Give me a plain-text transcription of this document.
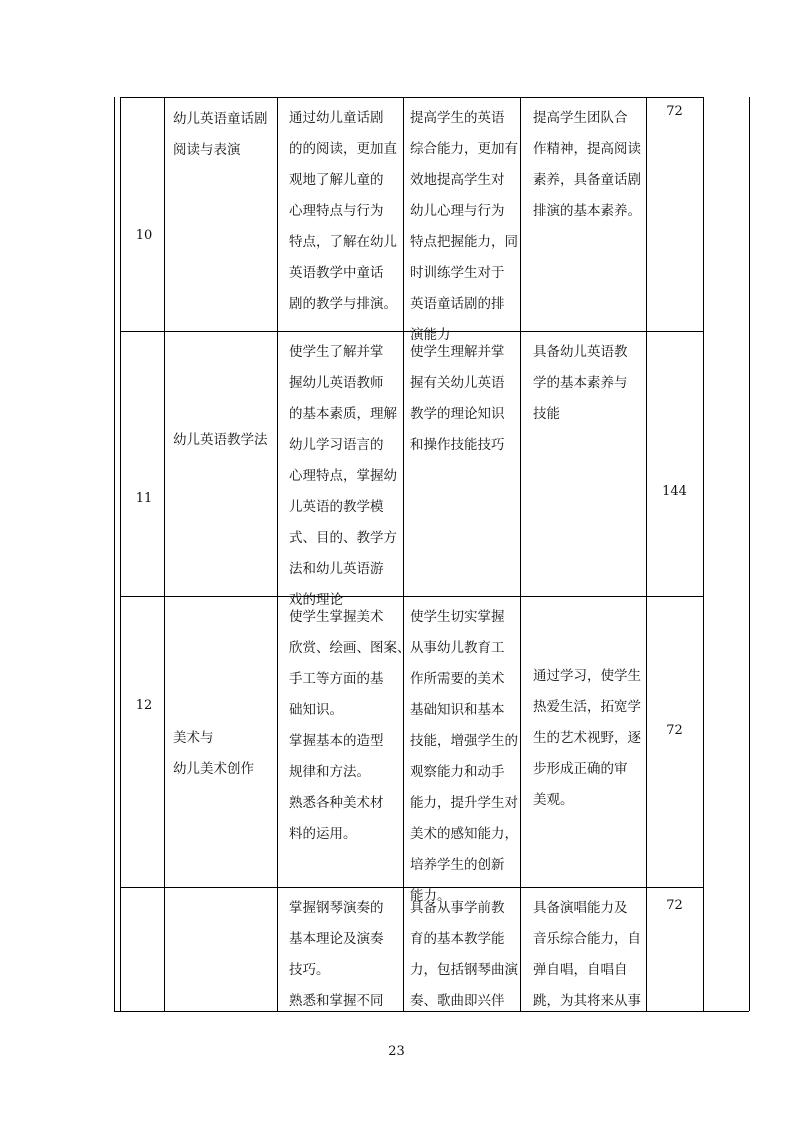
10
幼儿英语童话剧
阅读与表演
通过幼儿童话剧
的的阅读，更加直
观地了解儿童的
心理特点与行为
特点，了解在幼儿
英语教学中童话
剧的教学与排演。
提高学生的英语
综合能力，更加有
效地提高学生对
幼儿心理与行为
特点把握能力，同
时训练学生对于
英语童话剧的排
演能力
提高学生团队合
作精神，提高阅读
素养，具备童话剧
排演的基本素养。
72
11
幼儿英语教学法
使学生了解并掌
握幼儿英语教师
的基本素质，理解
幼儿学习语言的
心理特点，掌握幼
儿英语的教学模
式、目的、教学方
法和幼儿英语游
戏的理论
使学生理解并掌
握有关幼儿英语
教学的理论知识
和操作技能技巧
具备幼儿英语教
学的基本素养与
技能
144
12
美术与
幼儿美术创作
使学生掌握美术
欣赏、绘画、图案、
手工等方面的基
础知识。
掌握基本的造型
规律和方法。
熟悉各种美术材
料的运用。
使学生切实掌握
从事幼儿教育工
作所需要的美术
基础知识和基本
技能，增强学生的
观察能力和动手
能力，提升学生对
美术的感知能力，
培养学生的创新
能力。
通过学习，使学生
热爱生活，拓宽学
生的艺术视野，逐
步形成正确的审
美观。
72
掌握钢琴演奏的
基本理论及演奏
技巧。
熟悉和掌握不同
具备从事学前教
育的基本教学能
力，包括钢琴曲演
奏、歌曲即兴伴
具备演唱能力及
音乐综合能力，自
弹自唱，自唱自
跳，为其将来从事
72
23
